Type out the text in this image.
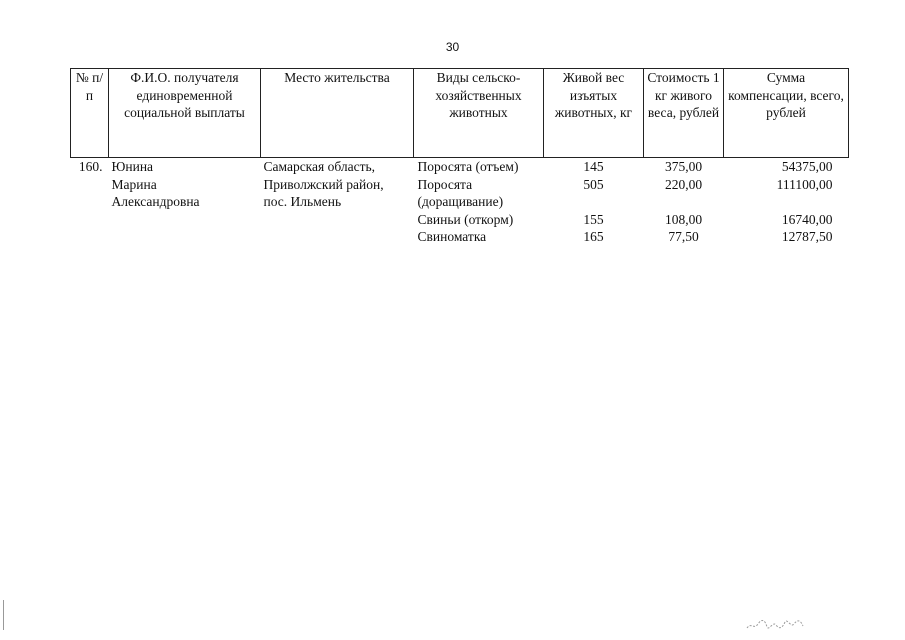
30
№ п/п	Ф.И.О. получателя единовременной социальной выплаты	Место жительства	Виды сельско-хозяйственных животных	Живой вес изъятых животных, кг	Стоимость 1 кг живого веса, рублей	Сумма компенсации, всего, рублей
160.	Юнина	Самарская область,	Поросята (отъем)	145	375,00	54375,00
	Марина	Приволжский район,	Поросята (доращивание)	505	220,00	111100,00
	Александровна	пос. Ильмень				
			Свиньи (откорм)	155	108,00	16740,00
			Свиноматка	165	77,50	12787,50
